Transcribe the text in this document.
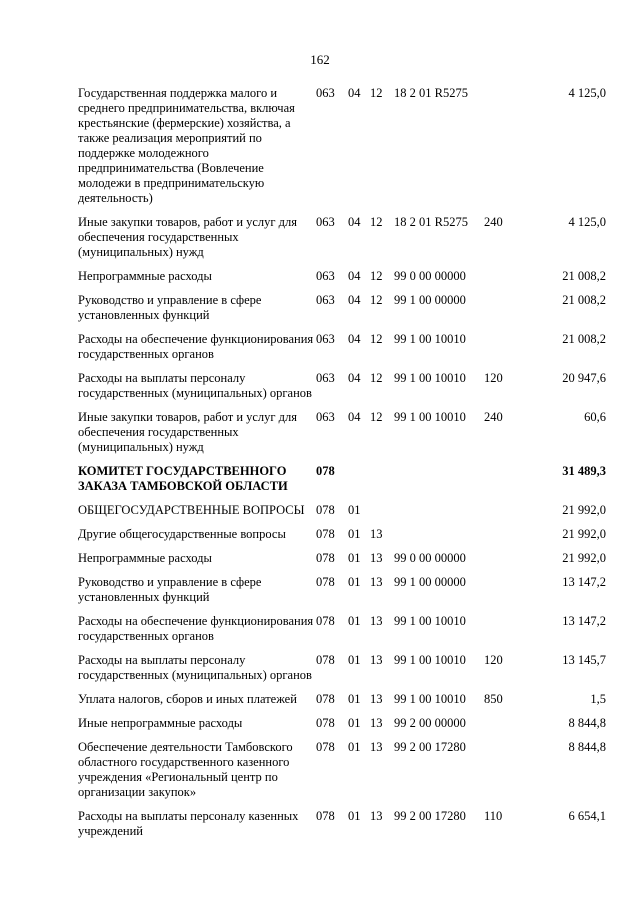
162
Государственная поддержка малого и среднего предпринимательства, включая крестьянские (фермерские) хозяйства, а также реализация мероприятий по поддержке молодежного предпринимательства (Вовлечение молодежи в предпринимательскую деятельность)	063	04	12	18 2 01 R5275		4 125,0
Иные закупки товаров, работ и услуг для обеспечения государственных (муниципальных) нужд	063	04	12	18 2 01 R5275	240	4 125,0
Непрограммные расходы	063	04	12	99 0 00 00000		21 008,2
Руководство и управление в сфере установленных функций	063	04	12	99 1 00 00000		21 008,2
Расходы на обеспечение функционирования государственных органов	063	04	12	99 1 00 10010		21 008,2
Расходы на выплаты персоналу государственных (муниципальных) органов	063	04	12	99 1 00 10010	120	20 947,6
Иные закупки товаров, работ и услуг для обеспечения государственных (муниципальных) нужд	063	04	12	99 1 00 10010	240	60,6
КОМИТЕТ ГОСУДАРСТВЕННОГО ЗАКАЗА ТАМБОВСКОЙ ОБЛАСТИ	078					31 489,3
ОБЩЕГОСУДАРСТВЕННЫЕ ВОПРОСЫ	078	01				21 992,0
Другие общегосударственные вопросы	078	01	13			21 992,0
Непрограммные расходы	078	01	13	99 0 00 00000		21 992,0
Руководство и управление в сфере установленных функций	078	01	13	99 1 00 00000		13 147,2
Расходы на обеспечение функционирования государственных органов	078	01	13	99 1 00 10010		13 147,2
Расходы на выплаты персоналу государственных (муниципальных) органов	078	01	13	99 1 00 10010	120	13 145,7
Уплата налогов, сборов и иных платежей	078	01	13	99 1 00 10010	850	1,5
Иные непрограммные расходы	078	01	13	99 2 00 00000		8 844,8
Обеспечение деятельности Тамбовского областного государственного казенного учреждения «Региональный центр по организации закупок»	078	01	13	99 2 00 17280		8 844,8
Расходы на выплаты персоналу казенных учреждений	078	01	13	99 2 00 17280	110	6 654,1
